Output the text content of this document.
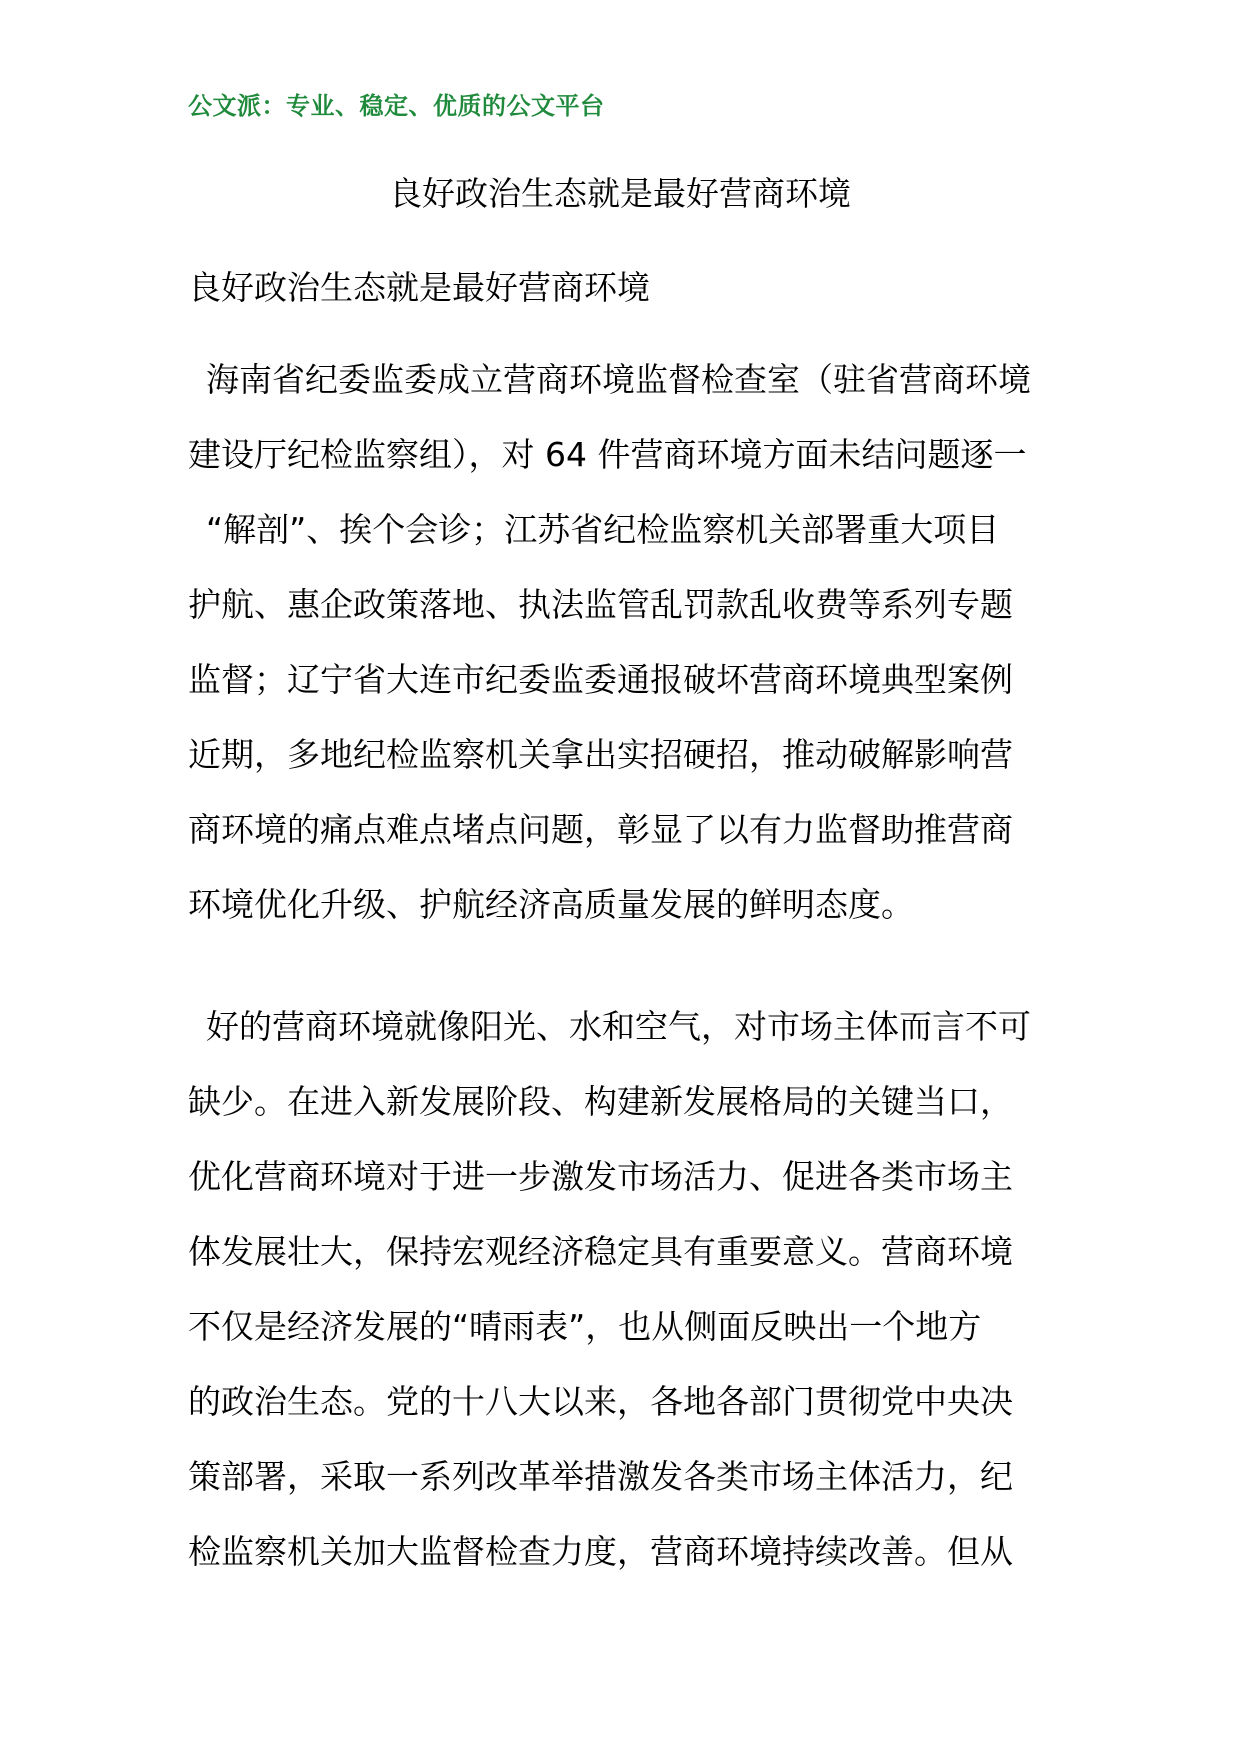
公文派：专业、稳定、优质的公文平台
良好政治生态就是最好营商环境
良好政治生态就是最好营商环境
海南省纪委监委成立营商环境监督检查室（驻省营商环境
建设厅纪检监察组），对 64 件营商环境方面未结问题逐一
“解剖”、挨个会诊；江苏省纪检监察机关部署重大项目
护航、惠企政策落地、执法监管乱罚款乱收费等系列专题
监督；辽宁省大连市纪委监委通报破坏营商环境典型案例
近期，多地纪检监察机关拿出实招硬招，推动破解影响营
商环境的痛点难点堵点问题，彰显了以有力监督助推营商
环境优化升级、护航经济高质量发展的鲜明态度。
好的营商环境就像阳光、水和空气，对市场主体而言不可
缺少。在进入新发展阶段、构建新发展格局的关键当口，
优化营商环境对于进一步激发市场活力、促进各类市场主
体发展壮大，保持宏观经济稳定具有重要意义。营商环境
不仅是经济发展的“晴雨表”，也从侧面反映出一个地方
的政治生态。党的十八大以来，各地各部门贯彻党中央决
策部署，采取一系列改革举措激发各类市场主体活力，纪
检监察机关加大监督检查力度，营商环境持续改善。但从
